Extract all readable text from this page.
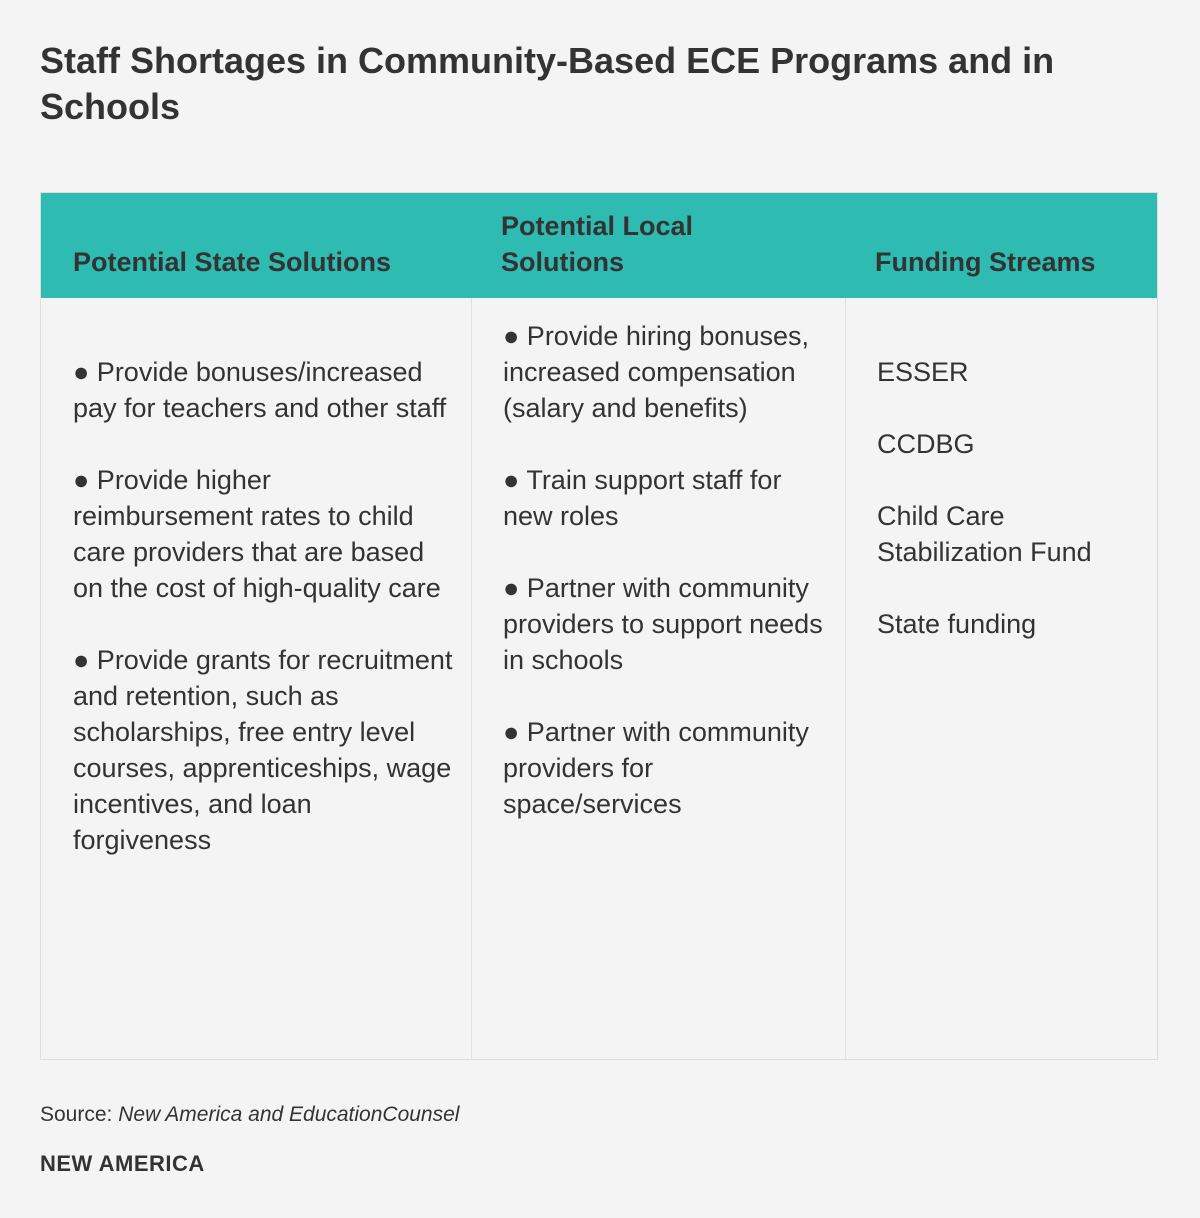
Staff Shortages in Community-Based ECE Programs and in Schools
Potential State Solutions
Potential Local Solutions	Funding Streams
● Provide bonuses/increased pay for teachers and other staff
● Provide higher reimbursement rates to child care providers that are based on the cost of high-quality care
● Provide grants for recruitment and retention, such as scholarships, free entry level courses, apprenticeships, wage incentives, and loan forgiveness
● Provide hiring bonuses, increased compensation (salary and benefits)
● Train support staff for new roles
● Partner with community providers to support needs in schools
● Partner with community providers for space/services
ESSER
CCDBG
Child Care Stabilization Fund
State funding
Source: New America and EducationCounsel
NEW AMERICA
